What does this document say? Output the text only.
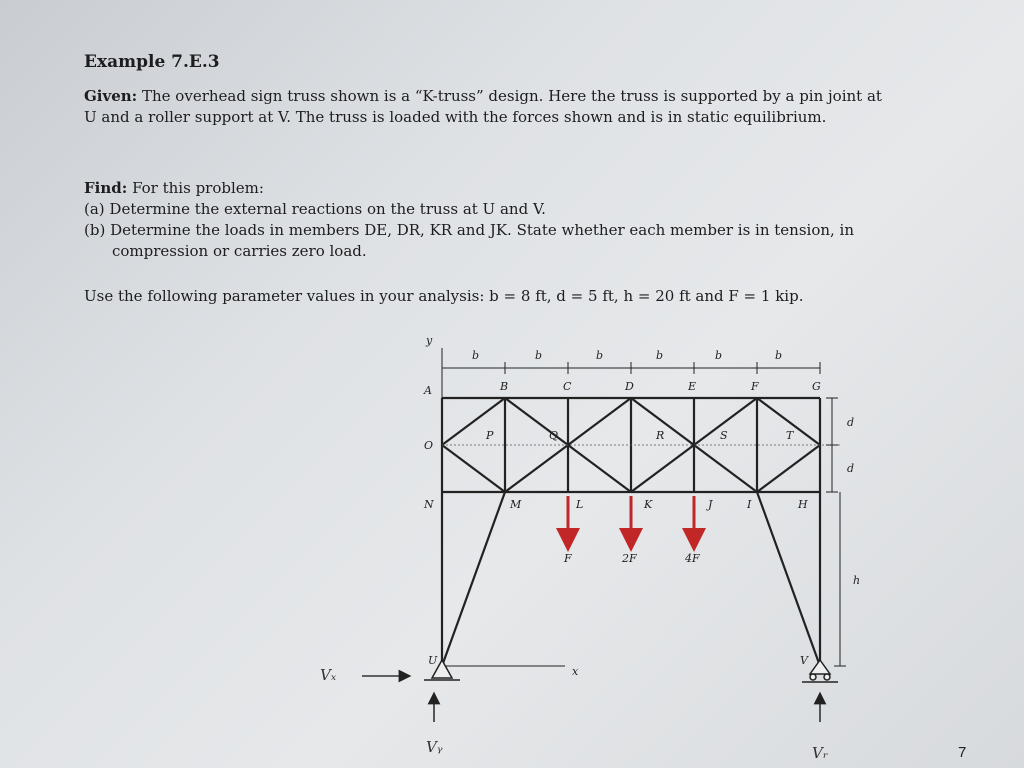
Example 7.E.3
Given: The overhead sign truss shown is a “K-truss” design. Here the truss is supported by a pin joint at U and a roller support at V. The truss is loaded with the forces shown and is in static equilibrium.
Find: For this problem:
(a) Determine the external reactions on the truss at U and V.
(b) Determine the loads in members DE, DR, KR and JK. State whether each member is in tension, in compression or carries zero load.
Use the following parameter values in your analysis: b = 8 ft, d = 5 ft, h = 20 ft and F = 1 kip.
b	b	b	b	b	b
y
x
d
d
h
A	B	C	D	E	F	G
O
P	Q	R	S	T
N	M	L	K	J	I	H
U	V
F	2F	4F
Vₓ
Vᵧ	Vᵣ	7
